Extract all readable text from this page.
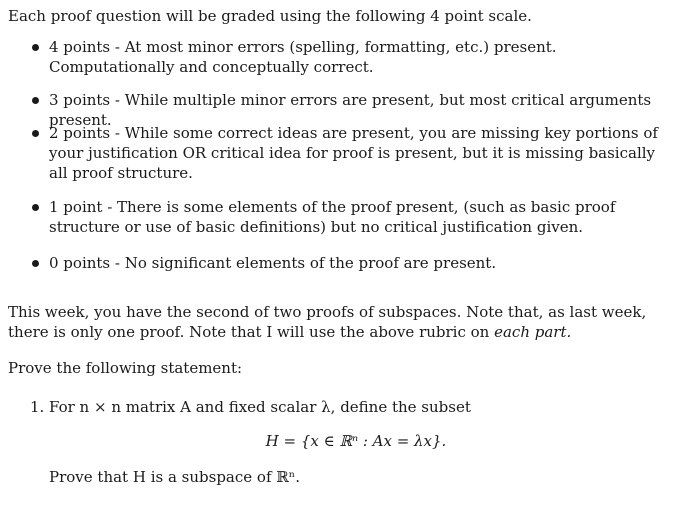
Each proof question will be graded using the following 4 point scale.
4 points - At most minor errors (spelling, formatting, etc.) present. Computationally and conceptually correct.
3 points - While multiple minor errors are present, but most critical arguments present.
2 points - While some correct ideas are present, you are missing key portions of your justification OR critical idea for proof is present, but it is missing basically all proof structure.
1 point - There is some elements of the proof present, (such as basic proof structure or use of basic definitions) but no critical justification given.
0 points - No significant elements of the proof are present.
This week, you have the second of two proofs of subspaces. Note that, as last week, there is only one proof. Note that I will use the above rubric on each part.
Prove the following statement:
1. For n × n matrix A and fixed scalar λ, define the subset
H = {x ∈ ℝⁿ : Ax = λx}.
Prove that H is a subspace of ℝⁿ.
